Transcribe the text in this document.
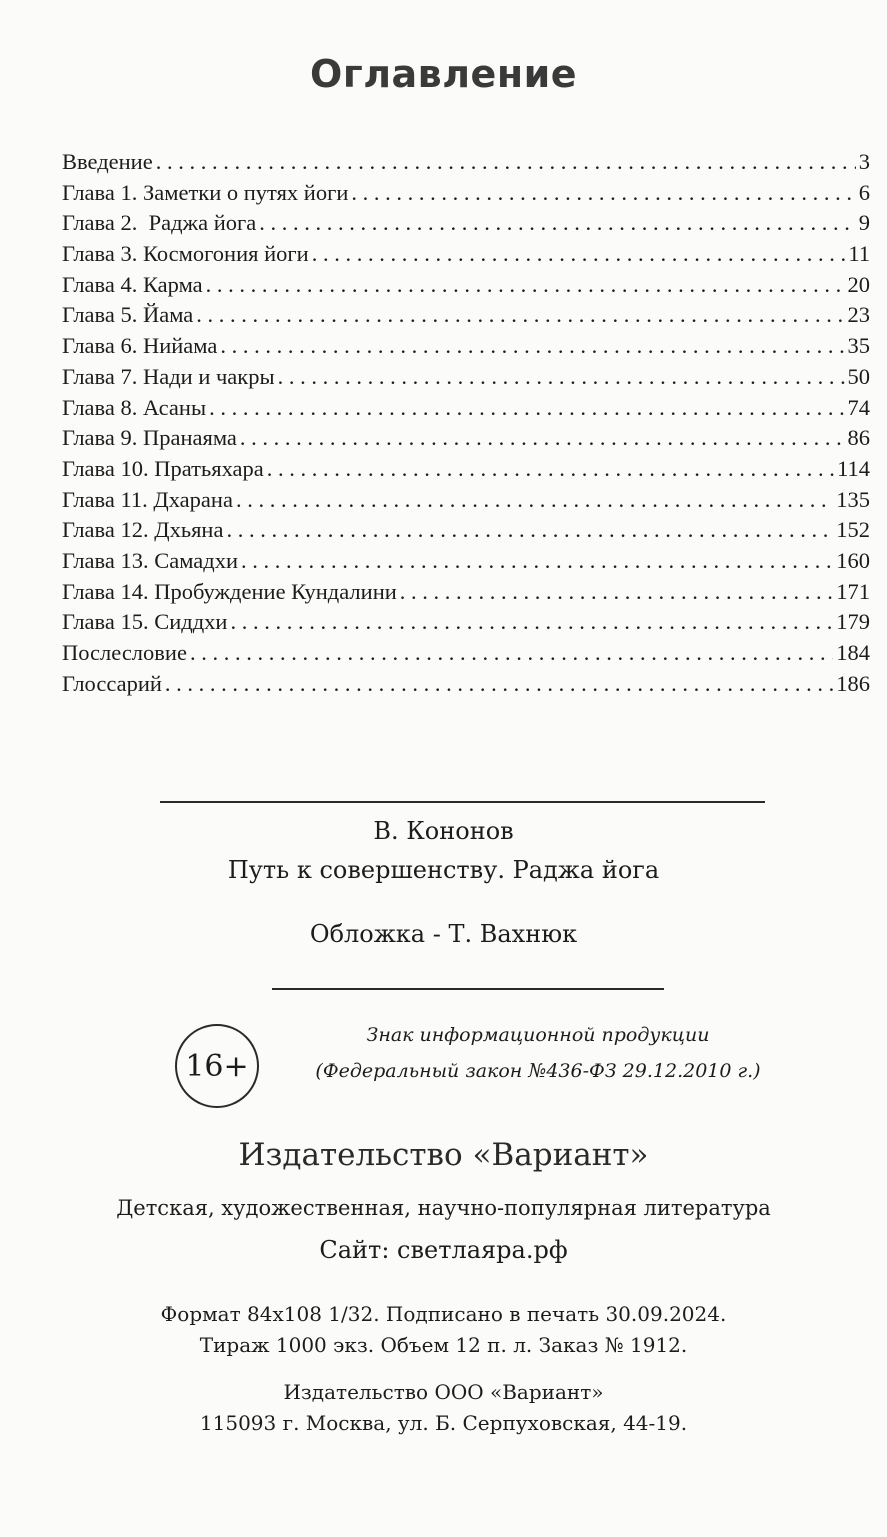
Оглавление
Введение . . .	3
Глава 1. Заметки о путях йоги . . .	6
Глава 2.  Раджа йога . . .	9
Глава 3. Космогония йоги . . .	11
Глава 4. Карма . . .	20
Глава 5. Йама . . .	23
Глава 6. Нийама . . .	35
Глава 7. Нади и чакры . . .	50
Глава 8. Асаны . . .	74
Глава 9. Пранаяма . . .	86
Глава 10. Пратьяхара . . .	114
Глава 11. Дхарана . . .	135
Глава 12. Дхьяна . . .	152
Глава 13. Самадхи . . .	160
Глава 14. Пробуждение Кундалини . . .	171
Глава 15. Сиддхи . . .	179
Послесловие . . .	184
Глоссарий . . .	186
В. Кононов
Путь к совершенству. Раджа йога
Обложка - Т. Вахнюк
16+
Знак информационной продукции
(Федеральный закон №436-ФЗ 29.12.2010 г.)
Издательство «Вариант»
Детская, художественная, научно-популярная литература
Сайт: светлаяра.рф
Формат 84x108 1/32. Подписано в печать 30.09.2024.
Тираж 1000 экз. Объем 12 п. л. Заказ № 1912.
Издательство ООО «Вариант»
115093 г. Москва, ул. Б. Серпуховская, 44-19.
